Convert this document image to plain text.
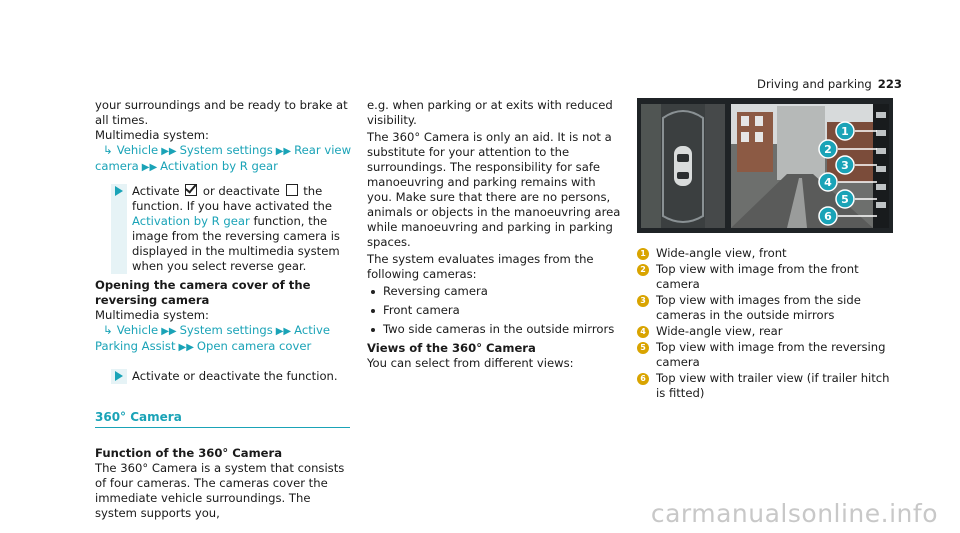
Driving and parking 223

your surroundings and be ready to brake at all times.

Multimedia system:

↳ Vehicle ▶▶ System settings ▶▶ Rear view camera ▶▶ Activation by R gear

Activate or deactivate the function. If you have activated the Activation by R gear function, the image from the reversing camera is displayed in the multimedia system when you select reverse gear.

Opening the camera cover of the reversing camera

Multimedia system:

↳ Vehicle ▶▶ System settings ▶▶ Active Parking Assist ▶▶ Open camera cover

Activate or deactivate the function.
360° Camera

Function of the 360° Camera

The 360° Camera is a system that consists of four cameras. The cameras cover the immediate vehicle surroundings. The system supports you,

e.g. when parking or at exits with reduced visibility.

The 360° Camera is only an aid. It is not a substitute for your attention to the surroundings. The responsibility for safe manoeuvring and parking remains with you. Make sure that there are no persons, animals or objects in the manoeuvring area while manoeuvring and parking in parking spaces.

The system evaluates images from the following cameras:

Reversing camera
Front camera
Two side cameras in the outside mirrors

Views of the 360° Camera

You can select from different views:

1
2
3
4
5
6
1 Wide-angle view, front
2 Top view with image from the front camera
3 Top view with images from the side cameras in the outside mirrors
4 Wide-angle view, rear
5 Top view with image from the reversing camera
6 Top view with trailer view (if trailer hitch is fitted)
carmanualsonline.info
